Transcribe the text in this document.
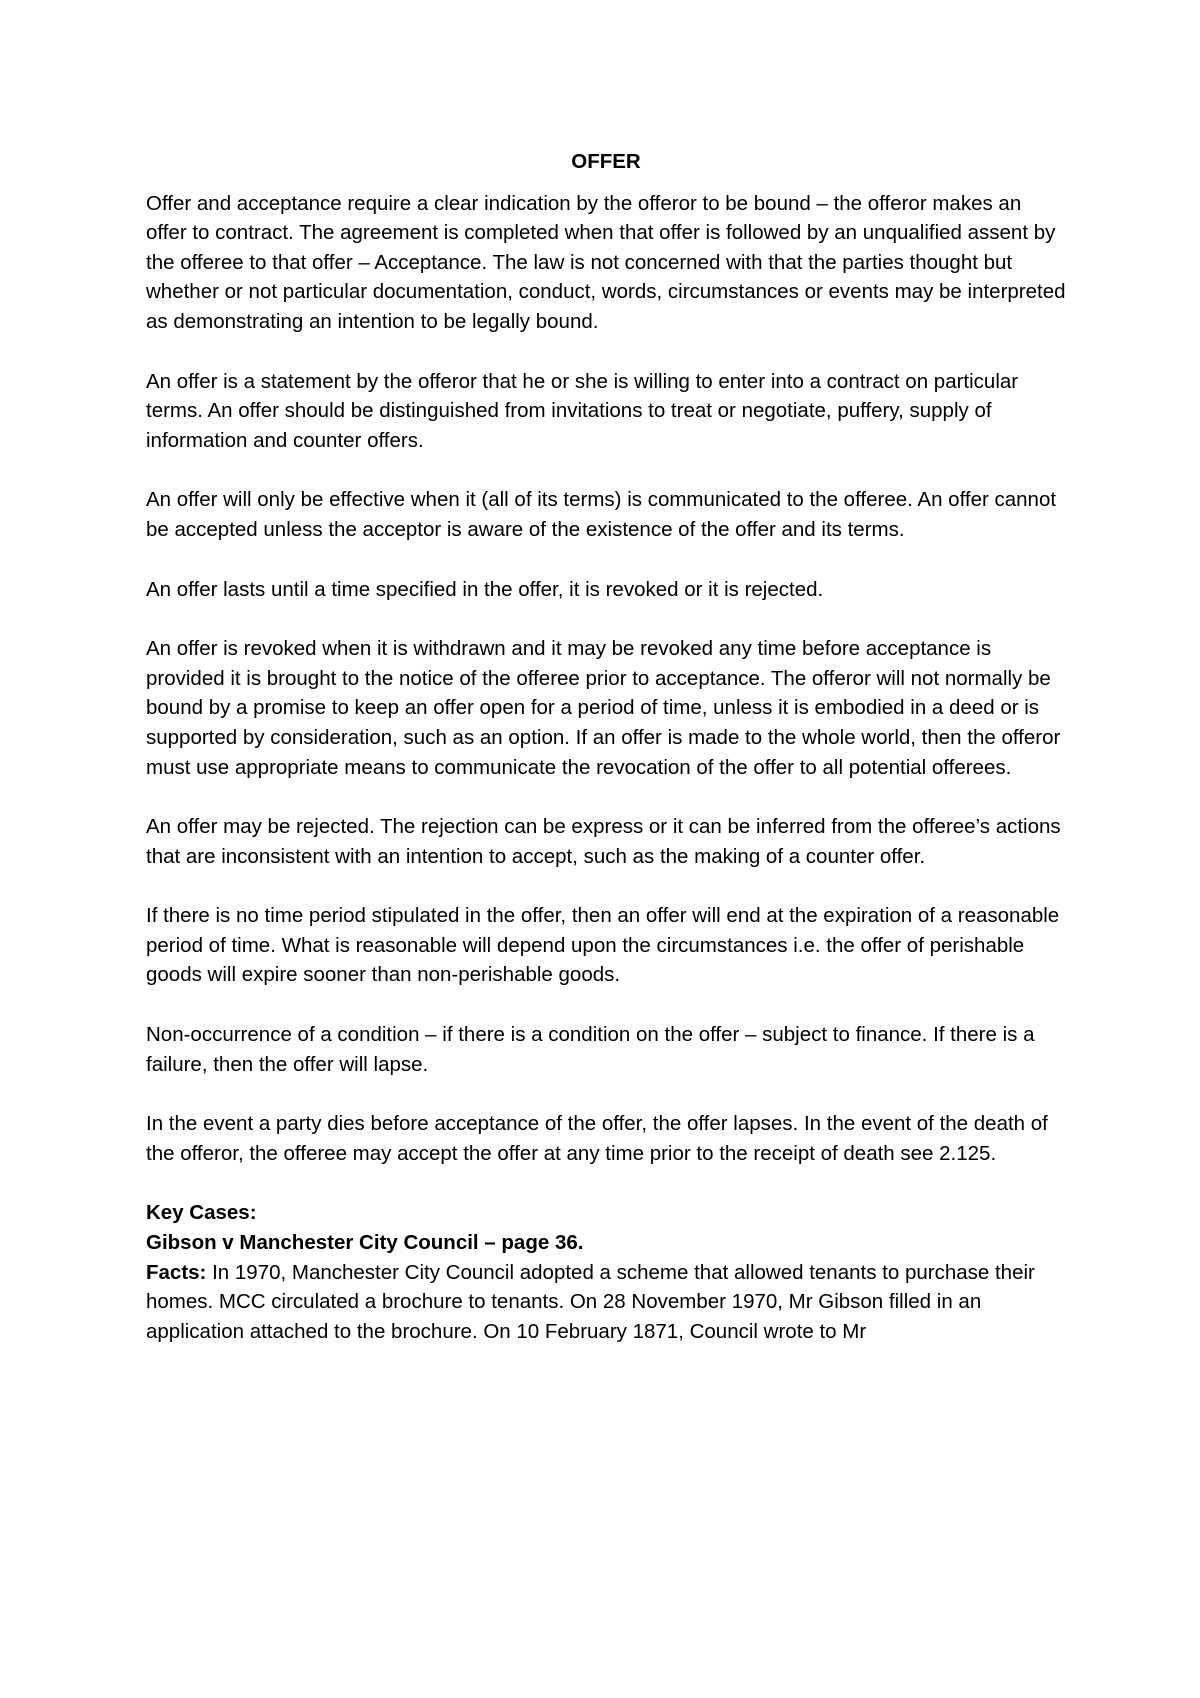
OFFER

Offer and acceptance require a clear indication by the offeror to be bound – the offeror makes an offer to contract. The agreement is completed when that offer is followed by an unqualified assent by the offeree to that offer – Acceptance. The law is not concerned with that the parties thought but whether or not particular documentation, conduct, words, circumstances or events may be interpreted as demonstrating an intention to be legally bound.

An offer is a statement by the offeror that he or she is willing to enter into a contract on particular terms. An offer should be distinguished from invitations to treat or negotiate, puffery, supply of information and counter offers.

An offer will only be effective when it (all of its terms) is communicated to the offeree. An offer cannot be accepted unless the acceptor is aware of the existence of the offer and its terms.

An offer lasts until a time specified in the offer, it is revoked or it is rejected.

An offer is revoked when it is withdrawn and it may be revoked any time before acceptance is provided it is brought to the notice of the offeree prior to acceptance. The offeror will not normally be bound by a promise to keep an offer open for a period of time, unless it is embodied in a deed or is supported by consideration, such as an option. If an offer is made to the whole world, then the offeror must use appropriate means to communicate the revocation of the offer to all potential offerees.

An offer may be rejected. The rejection can be express or it can be inferred from the offeree’s actions that are inconsistent with an intention to accept, such as the making of a counter offer.

If there is no time period stipulated in the offer, then an offer will end at the expiration of a reasonable period of time. What is reasonable will depend upon the circumstances i.e. the offer of perishable goods will expire sooner than non-perishable goods.

Non-occurrence of a condition – if there is a condition on the offer – subject to finance. If there is a failure, then the offer will lapse.

In the event a party dies before acceptance of the offer, the offer lapses. In the event of the death of the offeror, the offeree may accept the offer at any time prior to the receipt of death see 2.125.

Key Cases:

Gibson v Manchester City Council – page 36.

Facts: In 1970, Manchester City Council adopted a scheme that allowed tenants to purchase their homes. MCC circulated a brochure to tenants. On 28 November 1970, Mr Gibson filled in an application attached to the brochure. On 10 February 1871, Council wrote to Mr
